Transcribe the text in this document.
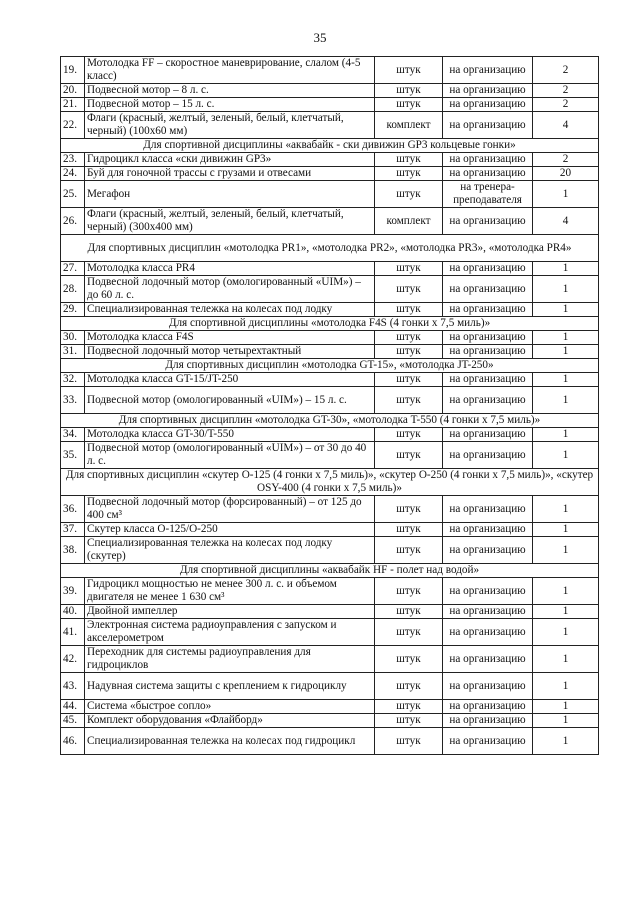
35
19.	Мотолодка FF – скоростное маневрирование, слалом (4-5 класс)	штук	на организацию	2
20.	Подвесной мотор – 8 л. с.	штук	на организацию	2
21.	Подвесной мотор – 15 л. с.	штук	на организацию	2
22.	Флаги (красный, желтый, зеленый, белый, клетчатый, черный) (100x60 мм)	комплект	на организацию	4
Для спортивной дисциплины «аквабайк - ски дивижин GP3 кольцевые гонки»				
23.	Гидроцикл класса «ски дивижин GP3»	штук	на организацию	2
24.	Буй для гоночной трассы с грузами и отвесами	штук	на организацию	20
25.	Мегафон	штук	на тренера-преподавателя	1
26.	Флаги (красный, желтый, зеленый, белый, клетчатый, черный) (300x400 мм)	комплект	на организацию	4
Для спортивных дисциплин «мотолодка PR1», «мотолодка PR2», «мотолодка PR3», «мотолодка PR4»				
27.	Мотолодка класса PR4	штук	на организацию	1
28.	Подвесной лодочный мотор (омологированный «UIM») – до 60 л. с.	штук	на организацию	1
29.	Специализированная тележка на колесах под лодку	штук	на организацию	1
Для спортивной дисциплины «мотолодка F4S (4 гонки x 7,5 миль)»				
30.	Мотолодка класса F4S	штук	на организацию	1
31.	Подвесной лодочный мотор четырехтактный	штук	на организацию	1
Для спортивных дисциплин «мотолодка GT-15», «мотолодка JT-250»				
32.	Мотолодка класса GT-15/JT-250	штук	на организацию	1
33.	Подвесной мотор (омологированный «UIM») – 15 л. с.	штук	на организацию	1
Для спортивных дисциплин «мотолодка GT-30», «мотолодка T-550 (4 гонки x 7,5 миль)»				
34.	Мотолодка класса GT-30/T-550	штук	на организацию	1
35.	Подвесной мотор (омологированный «UIM») – от 30 до 40 л. с.	штук	на организацию	1
Для спортивных дисциплин «скутер O-125 (4 гонки x 7,5 миль)», «скутер O-250 (4 гонки x 7,5 миль)», «скутер OSY-400 (4 гонки x 7,5 миль)»				
36.	Подвесной лодочный мотор (форсированный) – от 125 до 400 см³	штук	на организацию	1
37.	Скутер класса O-125/O-250	штук	на организацию	1
38.	Специализированная тележка на колесах под лодку (скутер)	штук	на организацию	1
Для спортивной дисциплины «аквабайк HF - полет над водой»				
39.	Гидроцикл мощностью не менее 300 л. с. и объемом двигателя не менее 1 630 см³	штук	на организацию	1
40.	Двойной импеллер	штук	на организацию	1
41.	Электронная система радиоуправления с запуском и акселерометром	штук	на организацию	1
42.	Переходник для системы радиоуправления для гидроциклов	штук	на организацию	1
43.	Надувная система защиты с креплением к гидроциклу	штук	на организацию	1
44.	Система «быстрое сопло»	штук	на организацию	1
45.	Комплект оборудования «Флайборд»	штук	на организацию	1
46.	Специализированная тележка на колесах под гидроцикл	штук	на организацию	1
